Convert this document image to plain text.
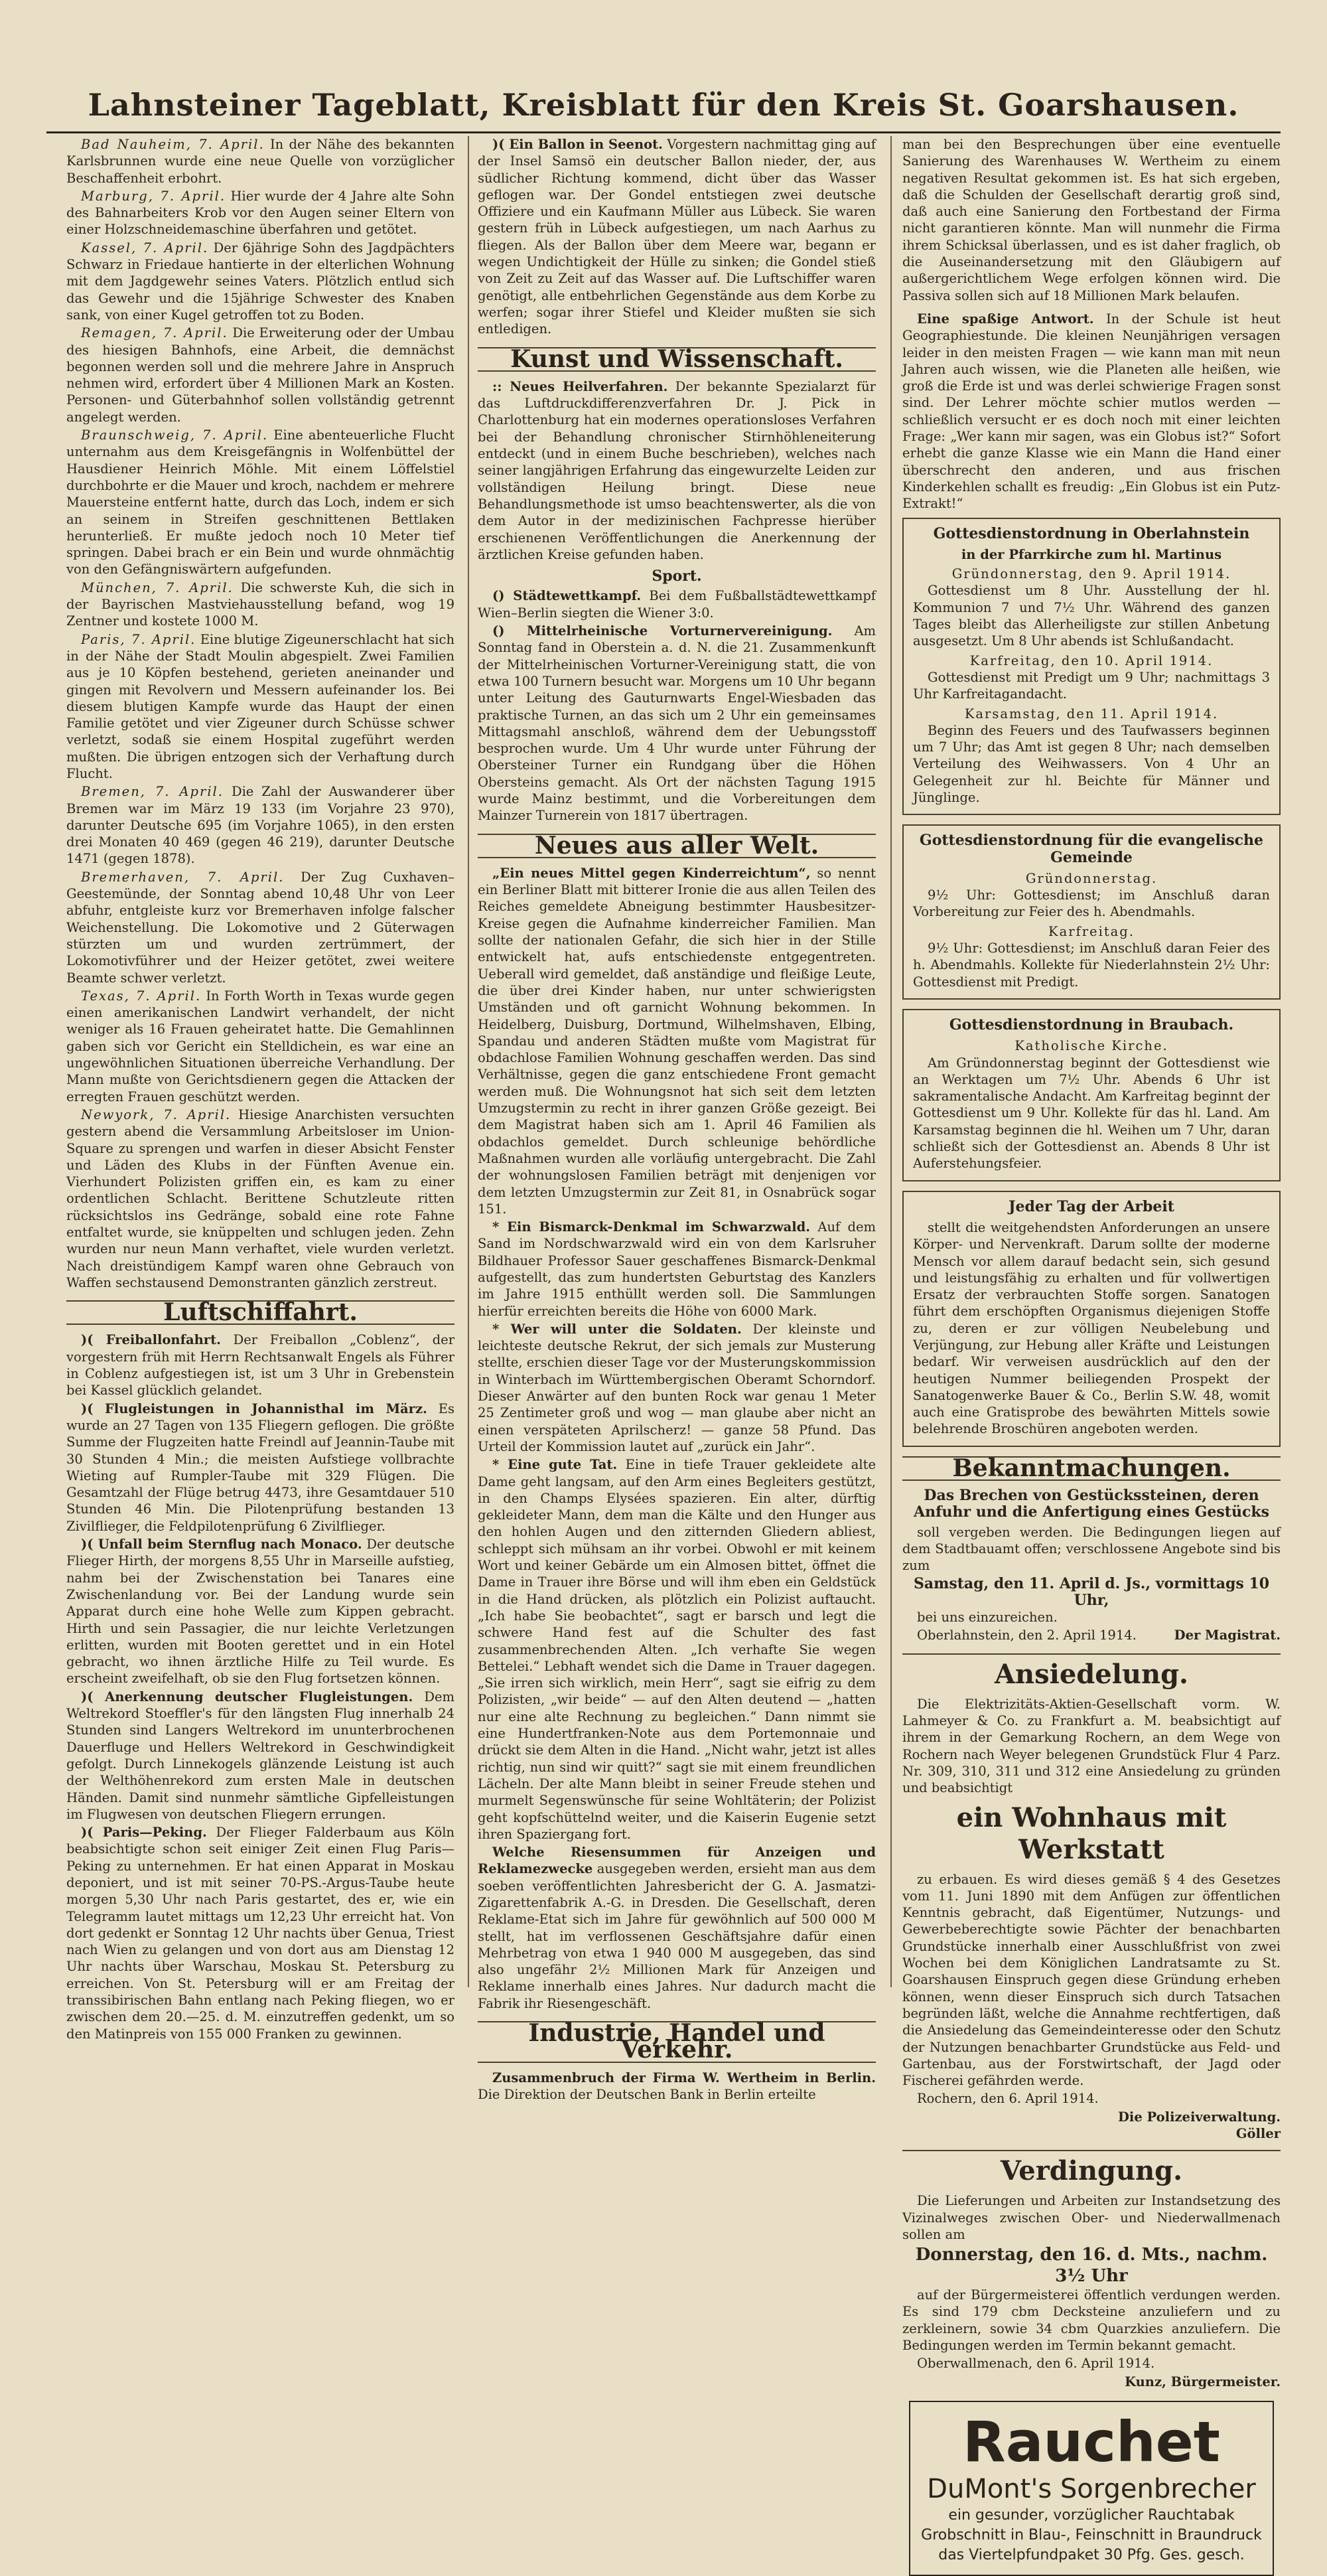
Lahnsteiner Tageblatt, Kreisblatt für den Kreis St. Goarshausen.

Bad Nauheim, 7. April. In der Nähe des bekannten Karlsbrunnen wurde eine neue Quelle von vorzüglicher Beschaffenheit erbohrt.

Marburg, 7. April. Hier wurde der 4 Jahre alte Sohn des Bahnarbeiters Krob vor den Augen seiner Eltern von einer Holzschneidemaschine überfahren und getötet.

Kassel, 7. April. Der 6jährige Sohn des Jagdpächters Schwarz in Friedaue hantierte in der elterlichen Wohnung mit dem Jagdgewehr seines Vaters. Plötzlich entlud sich das Gewehr und die 15jährige Schwester des Knaben sank, von einer Kugel getroffen tot zu Boden.

Remagen, 7. April. Die Erweiterung oder der Umbau des hiesigen Bahnhofs, eine Arbeit, die demnächst begonnen werden soll und die mehrere Jahre in Anspruch nehmen wird, erfordert über 4 Millionen Mark an Kosten. Personen- und Güterbahnhof sollen vollständig getrennt angelegt werden.

Braunschweig, 7. April. Eine abenteuerliche Flucht unternahm aus dem Kreisgefängnis in Wolfenbüttel der Hausdiener Heinrich Möhle. Mit einem Löffelstiel durchbohrte er die Mauer und kroch, nachdem er mehrere Mauersteine entfernt hatte, durch das Loch, indem er sich an seinem in Streifen geschnittenen Bettlaken herunterließ. Er mußte jedoch noch 10 Meter tief springen. Dabei brach er ein Bein und wurde ohnmächtig von den Gefängniswärtern aufgefunden.

München, 7. April. Die schwerste Kuh, die sich in der Bayrischen Mastviehausstellung befand, wog 19 Zentner und kostete 1000 M.

Paris, 7. April. Eine blutige Zigeunerschlacht hat sich in der Nähe der Stadt Moulin abgespielt. Zwei Familien aus je 10 Köpfen bestehend, gerieten aneinander und gingen mit Revolvern und Messern aufeinander los. Bei diesem blutigen Kampfe wurde das Haupt der einen Familie getötet und vier Zigeuner durch Schüsse schwer verletzt, sodaß sie einem Hospital zugeführt werden mußten. Die übrigen entzogen sich der Verhaftung durch Flucht.

Bremen, 7. April. Die Zahl der Auswanderer über Bremen war im März 19 133 (im Vorjahre 23 970), darunter Deutsche 695 (im Vorjahre 1065), in den ersten drei Monaten 40 469 (gegen 46 219), darunter Deutsche 1471 (gegen 1878).

Bremerhaven, 7. April. Der Zug Cuxhaven–Geestemünde, der Sonntag abend 10,48 Uhr von Leer abfuhr, entgleiste kurz vor Bremerhaven infolge falscher Weichenstellung. Die Lokomotive und 2 Güterwagen stürzten um und wurden zertrümmert, der Lokomotivführer und der Heizer getötet, zwei weitere Beamte schwer verletzt.

Texas, 7. April. In Forth Worth in Texas wurde gegen einen amerikanischen Landwirt verhandelt, der nicht weniger als 16 Frauen geheiratet hatte. Die Gemahlinnen gaben sich vor Gericht ein Stelldichein, es war eine an ungewöhnlichen Situationen überreiche Verhandlung. Der Mann mußte von Gerichtsdienern gegen die Attacken der erregten Frauen geschützt werden.

Newyork, 7. April. Hiesige Anarchisten versuchten gestern abend die Versammlung Arbeitsloser im Union-Square zu sprengen und warfen in dieser Absicht Fenster und Läden des Klubs in der Fünften Avenue ein. Vierhundert Polizisten griffen ein, es kam zu einer ordentlichen Schlacht. Berittene Schutzleute ritten rücksichtslos ins Gedränge, sobald eine rote Fahne entfaltet wurde, sie knüppelten und schlugen jeden. Zehn wurden nur neun Mann verhaftet, viele wurden verletzt. Nach dreistündigem Kampf waren ohne Gebrauch von Waffen sechstausend Demonstranten gänzlich zerstreut.

Luftschiffahrt.

)( Freiballonfahrt. Der Freiballon „Coblenz“, der vorgestern früh mit Herrn Rechtsanwalt Engels als Führer in Coblenz aufgestiegen ist, ist um 3 Uhr in Grebenstein bei Kassel glücklich gelandet.

)( Flugleistungen in Johannisthal im März. Es wurde an 27 Tagen von 135 Fliegern geflogen. Die größte Summe der Flugzeiten hatte Freindl auf Jeannin-Taube mit 30 Stunden 4 Min.; die meisten Aufstiege vollbrachte Wieting auf Rumpler-Taube mit 329 Flügen. Die Gesamtzahl der Flüge betrug 4473, ihre Gesamtdauer 510 Stunden 46 Min. Die Pilotenprüfung bestanden 13 Zivilflieger, die Feldpilotenprüfung 6 Zivilflieger.

)( Unfall beim Sternflug nach Monaco. Der deutsche Flieger Hirth, der morgens 8,55 Uhr in Marseille aufstieg, nahm bei der Zwischenstation bei Tanares eine Zwischenlandung vor. Bei der Landung wurde sein Apparat durch eine hohe Welle zum Kippen gebracht. Hirth und sein Passagier, die nur leichte Verletzungen erlitten, wurden mit Booten gerettet und in ein Hotel gebracht, wo ihnen ärztliche Hilfe zu Teil wurde. Es erscheint zweifelhaft, ob sie den Flug fortsetzen können.

)( Anerkennung deutscher Flugleistungen. Dem Weltrekord Stoeffler's für den längsten Flug innerhalb 24 Stunden sind Langers Weltrekord im ununterbrochenen Dauerfluge und Hellers Weltrekord in Geschwindigkeit gefolgt. Durch Linnekogels glänzende Leistung ist auch der Welthöhenrekord zum ersten Male in deutschen Händen. Damit sind nunmehr sämtliche Gipfelleistungen im Flugwesen von deutschen Fliegern errungen.

)( Paris—Peking. Der Flieger Falderbaum aus Köln beabsichtigte schon seit einiger Zeit einen Flug Paris—Peking zu unternehmen. Er hat einen Apparat in Moskau deponiert, und ist mit seiner 70-PS.-Argus-Taube heute morgen 5,30 Uhr nach Paris gestartet, des er, wie ein Telegramm lautet mittags um 12,23 Uhr erreicht hat. Von dort gedenkt er Sonntag 12 Uhr nachts über Genua, Triest nach Wien zu gelangen und von dort aus am Dienstag 12 Uhr nachts über Warschau, Moskau St. Petersburg zu erreichen. Von St. Petersburg will er am Freitag der transsibirischen Bahn entlang nach Peking fliegen, wo er zwischen dem 20.—25. d. M. einzutreffen gedenkt, um so den Matinpreis von 155 000 Franken zu gewinnen.

)( Ein Ballon in Seenot. Vorgestern nachmittag ging auf der Insel Samsö ein deutscher Ballon nieder, der, aus südlicher Richtung kommend, dicht über das Wasser geflogen war. Der Gondel entstiegen zwei deutsche Offiziere und ein Kaufmann Müller aus Lübeck. Sie waren gestern früh in Lübeck aufgestiegen, um nach Aarhus zu fliegen. Als der Ballon über dem Meere war, begann er wegen Undichtigkeit der Hülle zu sinken; die Gondel stieß von Zeit zu Zeit auf das Wasser auf. Die Luftschiffer waren genötigt, alle entbehrlichen Gegenstände aus dem Korbe zu werfen; sogar ihrer Stiefel und Kleider mußten sie sich entledigen.

Kunst und Wissenschaft.

:: Neues Heilverfahren. Der bekannte Spezialarzt für das Luftdruckdifferenzverfahren Dr. J. Pick in Charlottenburg hat ein modernes operationsloses Verfahren bei der Behandlung chronischer Stirnhöhleneiterung entdeckt (und in einem Buche beschrieben), welches nach seiner langjährigen Erfahrung das eingewurzelte Leiden zur vollständigen Heilung bringt. Diese neue Behandlungsmethode ist umso beachtenswerter, als die von dem Autor in der medizinischen Fachpresse hierüber erschienenen Veröffentlichungen die Anerkennung der ärztlichen Kreise gefunden haben.

Sport.

() Städtewettkampf. Bei dem Fußballstädtewettkampf Wien–Berlin siegten die Wiener 3:0.

() Mittelrheinische Vorturnervereinigung. Am Sonntag fand in Oberstein a. d. N. die 21. Zusammenkunft der Mittelrheinischen Vorturner-Vereinigung statt, die von etwa 100 Turnern besucht war. Morgens um 10 Uhr begann unter Leitung des Gauturnwarts Engel-Wiesbaden das praktische Turnen, an das sich um 2 Uhr ein gemeinsames Mittagsmahl anschloß, während dem der Uebungsstoff besprochen wurde. Um 4 Uhr wurde unter Führung der Obersteiner Turner ein Rundgang über die Höhen Obersteins gemacht. Als Ort der nächsten Tagung 1915 wurde Mainz bestimmt, und die Vorbereitungen dem Mainzer Turnerein von 1817 übertragen.

Neues aus aller Welt.

„Ein neues Mittel gegen Kinderreichtum“, so nennt ein Berliner Blatt mit bitterer Ironie die aus allen Teilen des Reiches gemeldete Abneigung bestimmter Hausbesitzer-Kreise gegen die Aufnahme kinderreicher Familien. Man sollte der nationalen Gefahr, die sich hier in der Stille entwickelt hat, aufs entschiedenste entgegentreten. Ueberall wird gemeldet, daß anständige und fleißige Leute, die über drei Kinder haben, nur unter schwierigsten Umständen und oft garnicht Wohnung bekommen. In Heidelberg, Duisburg, Dortmund, Wilhelmshaven, Elbing, Spandau und anderen Städten mußte vom Magistrat für obdachlose Familien Wohnung geschaffen werden. Das sind Verhältnisse, gegen die ganz entschiedene Front gemacht werden muß. Die Wohnungsnot hat sich seit dem letzten Umzugstermin zu recht in ihrer ganzen Größe gezeigt. Bei dem Magistrat haben sich am 1. April 46 Familien als obdachlos gemeldet. Durch schleunige behördliche Maßnahmen wurden alle vorläufig untergebracht. Die Zahl der wohnungslosen Familien beträgt mit denjenigen vor dem letzten Umzugstermin zur Zeit 81, in Osnabrück sogar 151.

* Ein Bismarck-Denkmal im Schwarzwald. Auf dem Sand im Nordschwarzwald wird ein von dem Karlsruher Bildhauer Professor Sauer geschaffenes Bismarck-Denkmal aufgestellt, das zum hundertsten Geburtstag des Kanzlers im Jahre 1915 enthüllt werden soll. Die Sammlungen hierfür erreichten bereits die Höhe von 6000 Mark.

* Wer will unter die Soldaten. Der kleinste und leichteste deutsche Rekrut, der sich jemals zur Musterung stellte, erschien dieser Tage vor der Musterungskommission in Winterbach im Württembergischen Oberamt Schorndorf. Dieser Anwärter auf den bunten Rock war genau 1 Meter 25 Zentimeter groß und wog — man glaube aber nicht an einen verspäteten Aprilscherz! — ganze 58 Pfund. Das Urteil der Kommission lautet auf „zurück ein Jahr“.

* Eine gute Tat. Eine in tiefe Trauer gekleidete alte Dame geht langsam, auf den Arm eines Begleiters gestützt, in den Champs Elysées spazieren. Ein alter, dürftig gekleideter Mann, dem man die Kälte und den Hunger aus den hohlen Augen und den zitternden Gliedern abliest, schleppt sich mühsam an ihr vorbei. Obwohl er mit keinem Wort und keiner Gebärde um ein Almosen bittet, öffnet die Dame in Trauer ihre Börse und will ihm eben ein Geldstück in die Hand drücken, als plötzlich ein Polizist auftaucht. „Ich habe Sie beobachtet“, sagt er barsch und legt die schwere Hand fest auf die Schulter des fast zusammenbrechenden Alten. „Ich verhafte Sie wegen Bettelei.“ Lebhaft wendet sich die Dame in Trauer dagegen. „Sie irren sich wirklich, mein Herr“, sagt sie eifrig zu dem Polizisten, „wir beide“ — auf den Alten deutend — „hatten nur eine alte Rechnung zu begleichen.“ Dann nimmt sie eine Hundertfranken-Note aus dem Portemonnaie und drückt sie dem Alten in die Hand. „Nicht wahr, jetzt ist alles richtig, nun sind wir quitt?“ sagt sie mit einem freundlichen Lächeln. Der alte Mann bleibt in seiner Freude stehen und murmelt Segenswünsche für seine Wohltäterin; der Polizist geht kopfschüttelnd weiter, und die Kaiserin Eugenie setzt ihren Spaziergang fort.

Welche Riesensummen für Anzeigen und Reklamezwecke ausgegeben werden, ersieht man aus dem soeben veröffentlichten Jahresbericht der G. A. Jasmatzi-Zigarettenfabrik A.-G. in Dresden. Die Gesellschaft, deren Reklame-Etat sich im Jahre für gewöhnlich auf 500 000 M stellt, hat im verflossenen Geschäftsjahre dafür einen Mehrbetrag von etwa 1 940 000 M ausgegeben, das sind also ungefähr 2½ Millionen Mark für Anzeigen und Reklame innerhalb eines Jahres. Nur dadurch macht die Fabrik ihr Riesengeschäft.

Industrie, Handel und Verkehr.

Zusammenbruch der Firma W. Wertheim in Berlin. Die Direktion der Deutschen Bank in Berlin erteilte

man bei den Besprechungen über eine eventuelle Sanierung des Warenhauses W. Wertheim zu einem negativen Resultat gekommen ist. Es hat sich ergeben, daß die Schulden der Gesellschaft derartig groß sind, daß auch eine Sanierung den Fortbestand der Firma nicht garantieren könnte. Man will nunmehr die Firma ihrem Schicksal überlassen, und es ist daher fraglich, ob die Auseinandersetzung mit den Gläubigern auf außergerichtlichem Wege erfolgen können wird. Die Passiva sollen sich auf 18 Millionen Mark belaufen.

Eine spaßige Antwort. In der Schule ist heut Geographiestunde. Die kleinen Neunjährigen versagen leider in den meisten Fragen — wie kann man mit neun Jahren auch wissen, wie die Planeten alle heißen, wie groß die Erde ist und was derlei schwierige Fragen sonst sind. Der Lehrer möchte schier mutlos werden — schließlich versucht er es doch noch mit einer leichten Frage: „Wer kann mir sagen, was ein Globus ist?“ Sofort erhebt die ganze Klasse wie ein Mann die Hand einer überschrecht den anderen, und aus frischen Kinderkehlen schallt es freudig: „Ein Globus ist ein Putz-Extrakt!“

Gottesdienstordnung in Oberlahnstein
in der Pfarrkirche zum hl. Martinus
Gründonnerstag, den 9. April 1914.

Gottesdienst um 8 Uhr. Ausstellung der hl. Kommunion 7 und 7½ Uhr. Während des ganzen Tages bleibt das Allerheiligste zur stillen Anbetung ausgesetzt. Um 8 Uhr abends ist Schlußandacht.

Karfreitag, den 10. April 1914.

Gottesdienst mit Predigt um 9 Uhr; nachmittags 3 Uhr Karfreitagandacht.

Karsamstag, den 11. April 1914.

Beginn des Feuers und des Taufwassers beginnen um 7 Uhr; das Amt ist gegen 8 Uhr; nach demselben Verteilung des Weihwassers. Von 4 Uhr an Gelegenheit zur hl. Beichte für Männer und Jünglinge.

Gottesdienstordnung für die evangelische Gemeinde
Gründonnerstag.

9½ Uhr: Gottesdienst; im Anschluß daran Vorbereitung zur Feier des h. Abendmahls.

Karfreitag.

9½ Uhr: Gottesdienst; im Anschluß daran Feier des h. Abendmahls. Kollekte für Niederlahnstein 2½ Uhr: Gottesdienst mit Predigt.

Gottesdienstordnung in Braubach.
Katholische Kirche.

Am Gründonnerstag beginnt der Gottesdienst wie an Werktagen um 7½ Uhr. Abends 6 Uhr ist sakramentalische Andacht. Am Karfreitag beginnt der Gottesdienst um 9 Uhr. Kollekte für das hl. Land. Am Karsamstag beginnen die hl. Weihen um 7 Uhr, daran schließt sich der Gottesdienst an. Abends 8 Uhr ist Auferstehungsfeier.

Jeder Tag der Arbeit

stellt die weitgehendsten Anforderungen an unsere Körper- und Nervenkraft. Darum sollte der moderne Mensch vor allem darauf bedacht sein, sich gesund und leistungsfähig zu erhalten und für vollwertigen Ersatz der verbrauchten Stoffe sorgen. Sanatogen führt dem erschöpften Organismus diejenigen Stoffe zu, deren er zur völligen Neubelebung und Verjüngung, zur Hebung aller Kräfte und Leistungen bedarf. Wir verweisen ausdrücklich auf den der heutigen Nummer beiliegenden Prospekt der Sanatogenwerke Bauer & Co., Berlin S.W. 48, womit auch eine Gratisprobe des bewährten Mittels sowie belehrende Broschüren angeboten werden.

Bekanntmachungen.
Das Brechen von Gestückssteinen, deren Anfuhr und die Anfertigung eines Gestücks

soll vergeben werden. Die Bedingungen liegen auf dem Stadtbauamt offen; verschlossene Angebote sind bis zum

Samstag, den 11. April d. Js., vormittags 10 Uhr,

bei uns einzureichen.

Oberlahnstein, den 2. April 1914.	Der Magistrat.

Ansiedelung.

Die Elektrizitäts-Aktien-Gesellschaft vorm. W. Lahmeyer & Co. zu Frankfurt a. M. beabsichtigt auf ihrem in der Gemarkung Rochern, an dem Wege von Rochern nach Weyer belegenen Grundstück Flur 4 Parz. Nr. 309, 310, 311 und 312 eine Ansiedelung zu gründen und beabsichtigt

ein Wohnhaus mit Werkstatt

zu erbauen. Es wird dieses gemäß § 4 des Gesetzes vom 11. Juni 1890 mit dem Anfügen zur öffentlichen Kenntnis gebracht, daß Eigentümer, Nutzungs- und Gewerbeberechtigte sowie Pächter der benachbarten Grundstücke innerhalb einer Ausschlußfrist von zwei Wochen bei dem Königlichen Landratsamte zu St. Goarshausen Einspruch gegen diese Gründung erheben können, wenn dieser Einspruch sich durch Tatsachen begründen läßt, welche die Annahme rechtfertigen, daß die Ansiedelung das Gemeindeinteresse oder den Schutz der Nutzungen benachbarter Grundstücke aus Feld- und Gartenbau, aus der Forstwirtschaft, der Jagd oder Fischerei gefährden werde.

Rochern, den 6. April 1914.

Die Polizeiverwaltung.
Göller
Verdingung.

Die Lieferungen und Arbeiten zur Instandsetzung des Vizinalweges zwischen Ober- und Niederwallmenach sollen am

Donnerstag, den 16. d. Mts., nachm. 3½ Uhr

auf der Bürgermeisterei öffentlich verdungen werden. Es sind 179 cbm Decksteine anzuliefern und zu zerkleinern, sowie 34 cbm Quarzkies anzuliefern. Die Bedingungen werden im Termin bekannt gemacht.

Oberwallmenach, den 6. April 1914.

Kunz, Bürgermeister.
Rauchet
DuMont's Sorgenbrecher
ein gesunder, vorzüglicher Rauchtabak
Grobschnitt in Blau-, Feinschnitt in Braundruck
das Viertelpfundpaket 30 Pfg. Ges. gesch.
